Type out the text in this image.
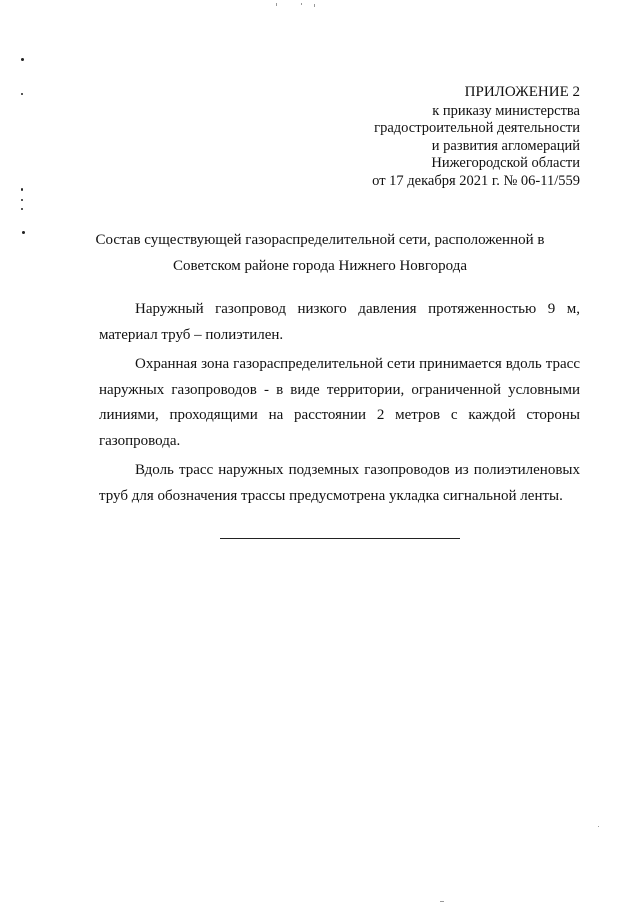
ПРИЛОЖЕНИЕ 2
к приказу министерства
градостроительной деятельности
и развития агломераций
Нижегородской области
от 17 декабря 2021 г. № 06-11/559
Состав существующей газораспределительной сети, расположенной в
Советском районе города Нижнего Новгорода

Наружный газопровод низкого давления протяженностью 9 м, материал труб – полиэтилен.

Охранная зона газораспределительной сети принимается вдоль трасс наружных газопроводов - в виде территории, ограниченной условными линиями, проходящими на расстоянии 2 метров с каждой стороны газопровода.

Вдоль трасс наружных подземных газопроводов из полиэтиленовых труб для обозначения трассы предусмотрена укладка сигнальной ленты.
